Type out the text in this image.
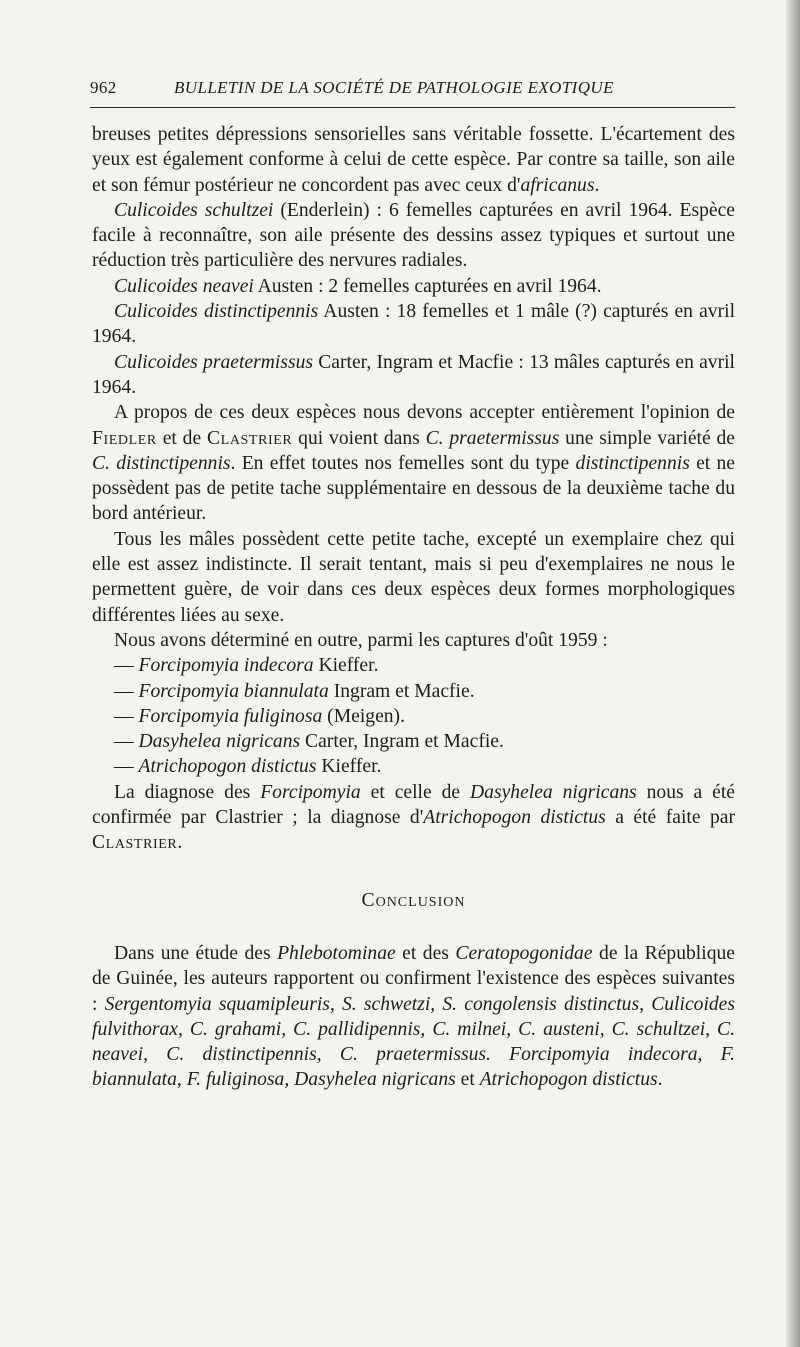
962	BULLETIN DE LA SOCIÉTÉ DE PATHOLOGIE EXOTIQUE

breuses petites dépressions sensorielles sans véritable fossette. L'écartement des yeux est également conforme à celui de cette espèce. Par contre sa taille, son aile et son fémur postérieur ne concordent pas avec ceux d'africanus.

Culicoides schultzei (Enderlein) : 6 femelles capturées en avril 1964. Espèce facile à reconnaître, son aile présente des dessins assez typiques et surtout une réduction très particulière des nervures radiales.

Culicoides neavei Austen : 2 femelles capturées en avril 1964.

Culicoides distinctipennis Austen : 18 femelles et 1 mâle (?) capturés en avril 1964.

Culicoides praetermissus Carter, Ingram et Macfie : 13 mâles capturés en avril 1964.

A propos de ces deux espèces nous devons accepter entièrement l'opinion de Fiedler et de Clastrier qui voient dans C. praetermissus une simple variété de C. distinctipennis. En effet toutes nos femelles sont du type distinctipennis et ne possèdent pas de petite tache supplémentaire en dessous de la deuxième tache du bord antérieur.

Tous les mâles possèdent cette petite tache, excepté un exemplaire chez qui elle est assez indistincte. Il serait tentant, mais si peu d'exemplaires ne nous le permettent guère, de voir dans ces deux espèces deux formes morphologiques différentes liées au sexe.

Nous avons déterminé en outre, parmi les captures d'oût 1959 :

— Forcipomyia indecora Kieffer.
— Forcipomyia biannulata Ingram et Macfie.
— Forcipomyia fuliginosa (Meigen).
— Dasyhelea nigricans Carter, Ingram et Macfie.
— Atrichopogon distictus Kieffer.

La diagnose des Forcipomyia et celle de Dasyhelea nigricans nous a été confirmée par Clastrier ; la diagnose d'Atrichopogon distictus a été faite par Clastrier.

Conclusion

Dans une étude des Phlebotominae et des Ceratopogonidae de la République de Guinée, les auteurs rapportent ou confirment l'existence des espèces suivantes : Sergentomyia squamipleuris, S. schwetzi, S. congolensis distinctus, Culicoides fulvithorax, C. grahami, C. pallidipennis, C. milnei, C. austeni, C. schultzei, C. neavei, C. distinctipennis, C. praetermissus. Forcipomyia indecora, F. biannulata, F. fuliginosa, Dasyhelea nigricans et Atrichopogon distictus.
